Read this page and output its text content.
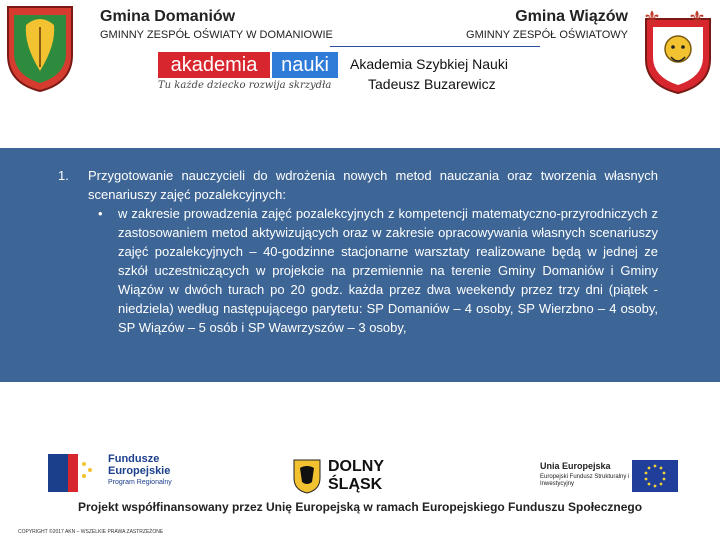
⚜ ⚜
Gmina Domaniów
GMINNY ZESPÓŁ OŚWIATY W DOMANIOWIE
Gmina Wiązów
GMINNY ZESPÓŁ OŚWIATOWY
akademia	nauki
Tu każde dziecko rozwija skrzydła
Akademia Szybkiej Nauki
Tadeusz Buzarewicz
1. Przygotowanie nauczycieli do wdrożenia nowych metod nauczania oraz tworzenia własnych scenariuszy zajęć pozalekcyjnych:
• w zakresie prowadzenia zajęć pozalekcyjnych z kompetencji matematyczno-przyrodniczych z zastosowaniem metod aktywizujących oraz w zakresie opracowywania własnych scenariuszy zajęć pozalekcyjnych – 40-godzinne stacjonarne warsztaty realizowane będą w jednej ze szkół uczestniczących w projekcie na przemiennie na terenie Gminy Domaniów i Gminy Wiązów w dwóch turach po 20 godz. każda przez dwa weekendy przez trzy dni (piątek - niedziela) według następującego parytetu: SP Domaniów – 4 osoby, SP Wierzbno – 4 osoby, SP Wiązów – 5 osób i SP Wawrzyszów – 3 osoby,
Fundusze
Europejskie
Program Regionalny
DOLNY
ŚLĄSK
Unia Europejska
Europejski Fundusz Strukturalny i Inwestycyjny
Projekt współfinansowany przez Unię Europejską w ramach Europejskiego Funduszu Społecznego
COPYRIGHT ©2017 AKN – WSZELKIE PRAWA ZASTRZEŻONE
